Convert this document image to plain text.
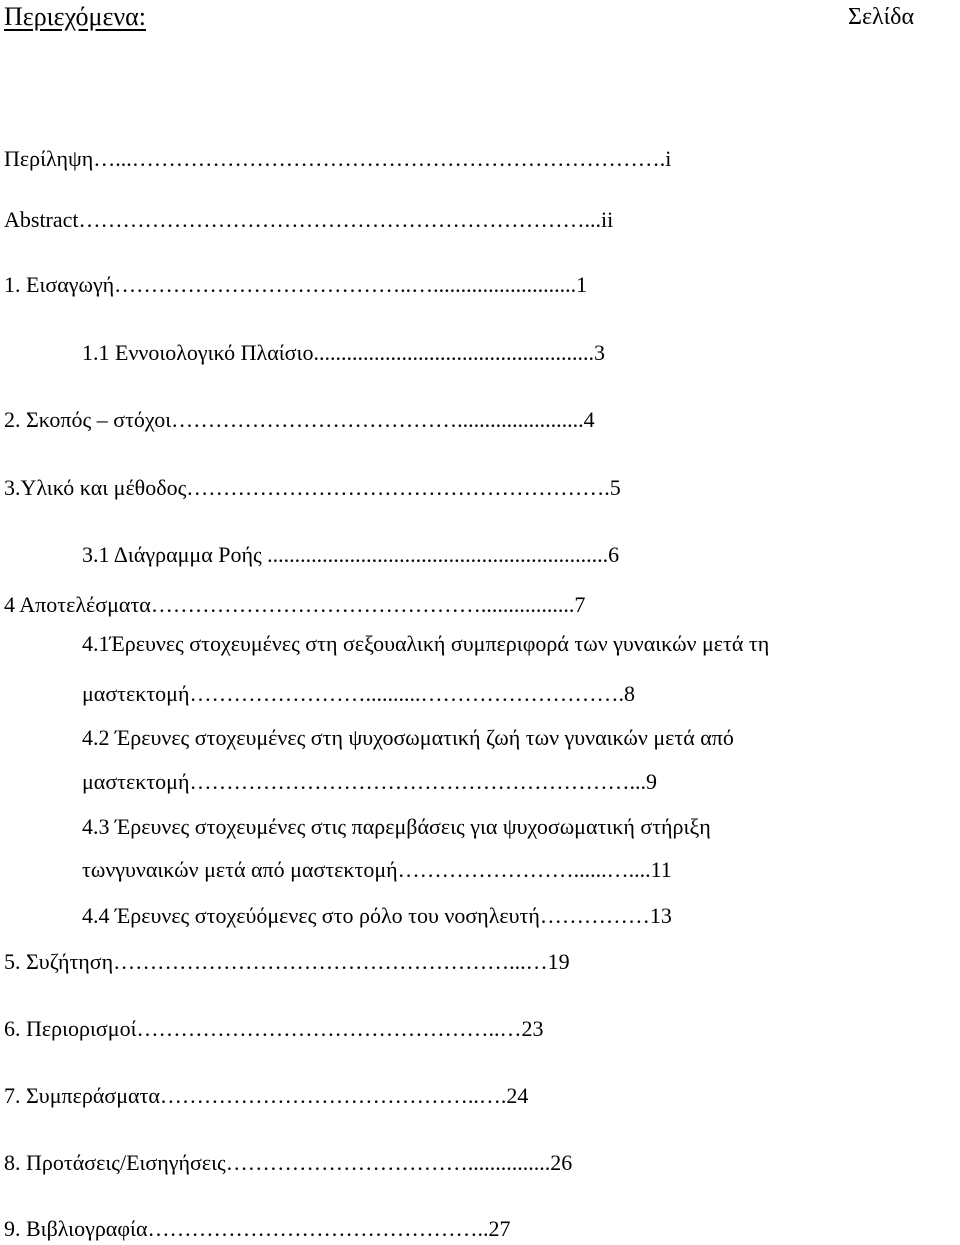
Περιεχόμενα:	Σελίδα
Περίληψη…...……………………………………………………………….i
Abstract……………………………………………………………...ii
1. Εισαγωγή…………………………………..…..........................1
1.1 Εννοιολογικό Πλαίσιο...................................................3
2. Σκοπός – στόχοι………………………………….......................4
3.Υλικό και μέθοδος………………………………………………….5
3.1 Διάγραμμα Ροής ..............................................................6
4 Αποτελέσματα……………………………………….................7
4.1Έρευνες στοχευμένες στη σεξουαλική συμπεριφορά των γυναικών μετά τη
μαστεκτομή……………………..........……………………….8
4.2 Έρευνες στοχευμένες στη ψυχοσωματική ζωή των γυναικών μετά από
μαστεκτομή……………………………………………………...9
4.3 Έρευνες στοχευμένες στις παρεμβάσεις για ψυχοσωματική στήριξη
τωνγυναικών μετά από μαστεκτομή……………………......…....11
4.4 Έρευνες στοχεύόμενες στο ρόλο του νοσηλευτή……………13
5. Συζήτηση………………………………………………...…19
6. Περιορισμοί…………………………………………..…23
7. Συμπεράσματα……………………………………..….24
8. Προτάσεις/Εισηγήσεις……………………………...............26
9. Βιβλιογραφία………………………………………..27
